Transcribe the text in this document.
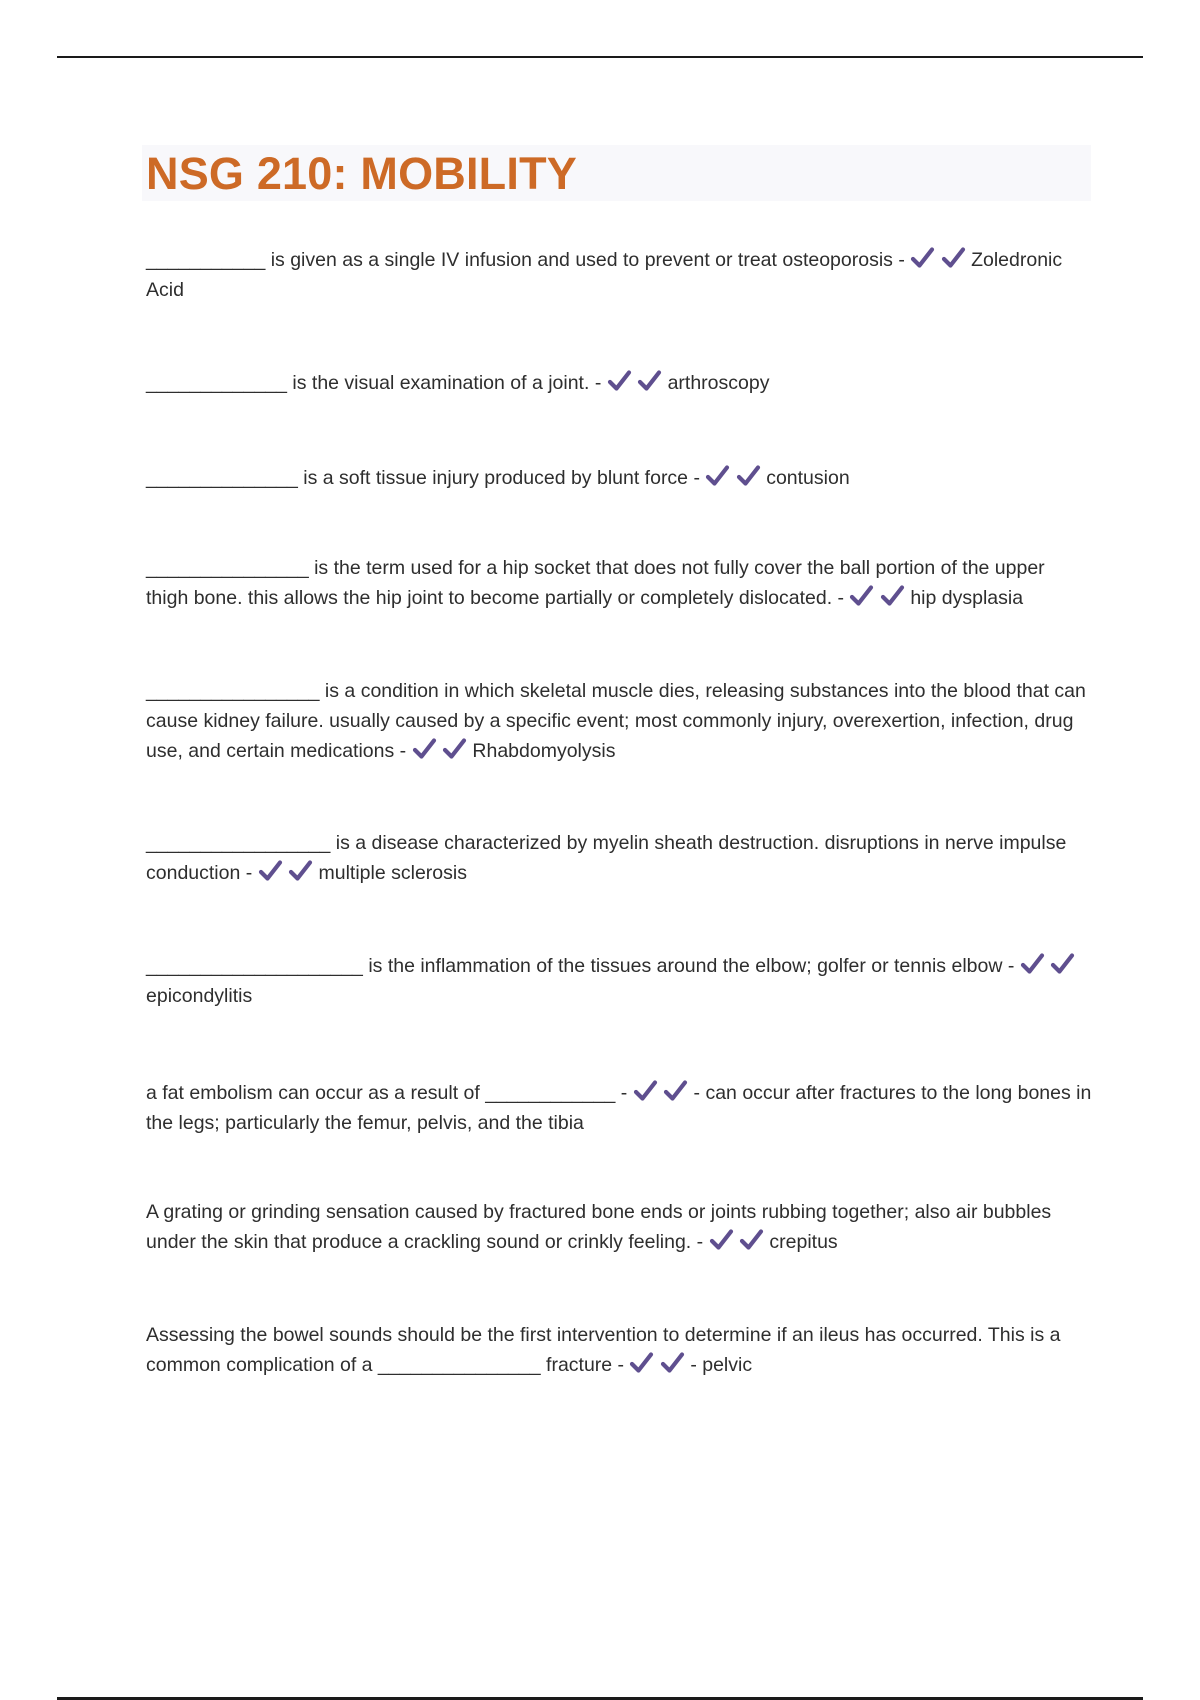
NSG 210: MOBILITY

___________ is given as a single IV infusion and used to prevent or treat osteoporosis -
	Zoledronic Acid

_____________ is the visual examination of a joint. -
	arthroscopy

______________ is a soft tissue injury produced by blunt force -
	contusion

_______________ is the term used for a hip socket that does not fully cover the ball portion of the upper thigh bone. this allows the hip joint to become partially or completely dislocated. -
	hip dysplasia

________________ is a condition in which skeletal muscle dies, releasing substances into the blood that can cause kidney failure. usually caused by a specific event; most commonly injury, overexertion, infection, drug use, and certain medications -
	Rhabdomyolysis

_________________ is a disease characterized by myelin sheath destruction. disruptions in nerve impulse conduction -
	multiple sclerosis

____________________ is the inflammation of the tissues around the elbow; golfer or tennis elbow -

epicondylitis

a fat embolism can occur as a result of ____________ -
	- can occur after fractures to the long bones in the legs; particularly the femur, pelvis, and the tibia

A grating or grinding sensation caused by fractured bone ends or joints rubbing together; also air bubbles under the skin that produce a crackling sound or crinkly feeling. -
	crepitus

Assessing the bowel sounds should be the first intervention to determine if an ileus has occurred. This is a common complication of a _______________ fracture -
	- pelvic
